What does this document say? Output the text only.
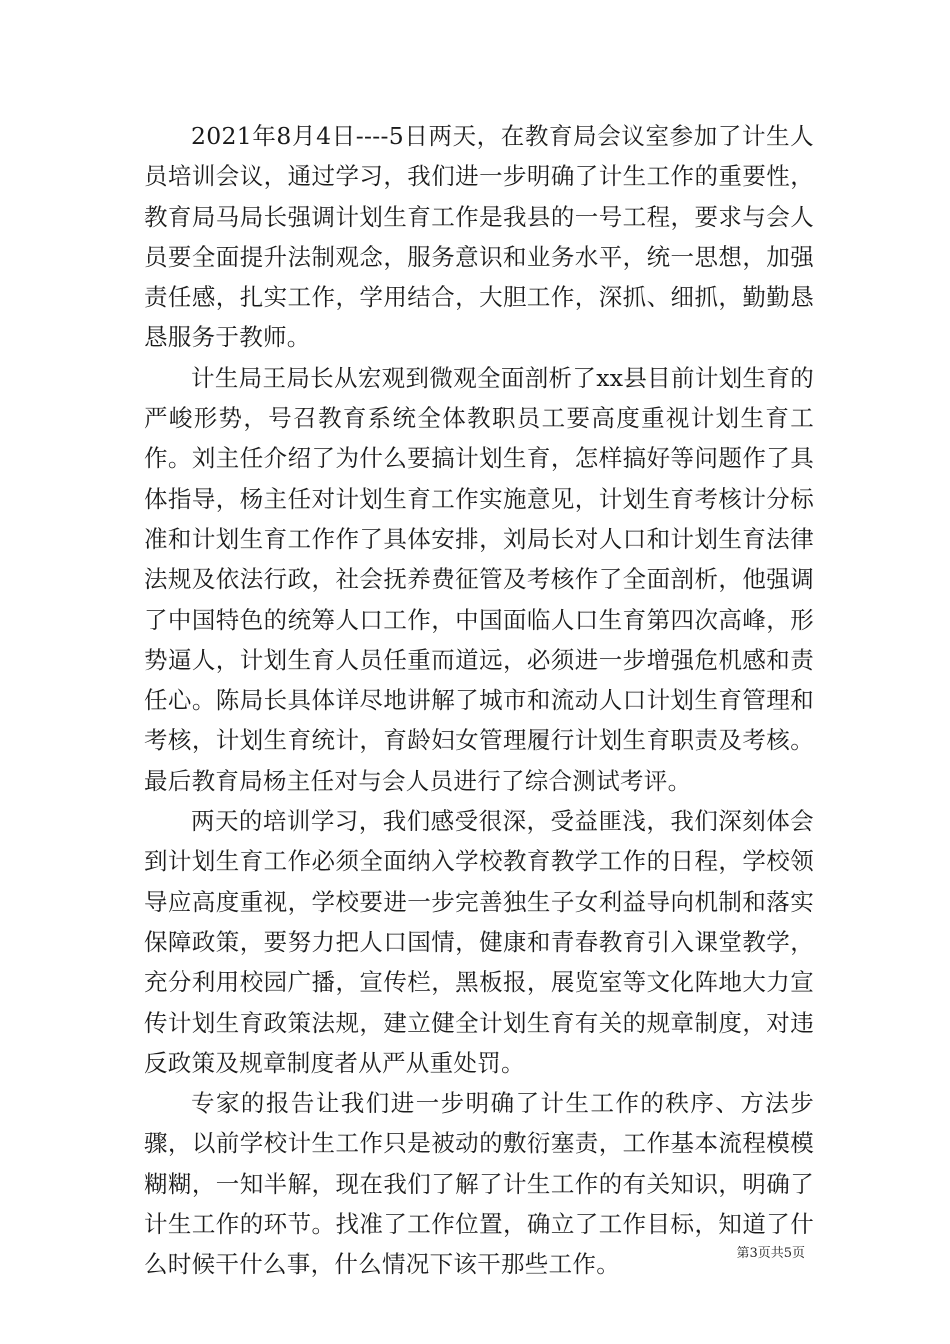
2021年8月4日----5日两天，在教育局会议室参加了计生人员培训会议，通过学习，我们进一步明确了计生工作的重要性，教育局马局长强调计划生育工作是我县的一号工程，要求与会人员要全面提升法制观念，服务意识和业务水平，统一思想，加强责任感，扎实工作，学用结合，大胆工作，深抓、细抓，勤勤恳恳服务于教师。

计生局王局长从宏观到微观全面剖析了xx县目前计划生育的严峻形势，号召教育系统全体教职员工要高度重视计划生育工作。刘主任介绍了为什么要搞计划生育，怎样搞好等问题作了具体指导，杨主任对计划生育工作实施意见，计划生育考核计分标准和计划生育工作作了具体安排，刘局长对人口和计划生育法律法规及依法行政，社会抚养费征管及考核作了全面剖析，他强调了中国特色的统筹人口工作，中国面临人口生育第四次高峰，形势逼人，计划生育人员任重而道远，必须进一步增强危机感和责任心。陈局长具体详尽地讲解了城市和流动人口计划生育管理和考核，计划生育统计，育龄妇女管理履行计划生育职责及考核。最后教育局杨主任对与会人员进行了综合测试考评。

两天的培训学习，我们感受很深，受益匪浅，我们深刻体会到计划生育工作必须全面纳入学校教育教学工作的日程，学校领导应高度重视，学校要进一步完善独生子女利益导向机制和落实保障政策，要努力把人口国情，健康和青春教育引入课堂教学，充分利用校园广播，宣传栏，黑板报，展览室等文化阵地大力宣传计划生育政策法规，建立健全计划生育有关的规章制度，对违反政策及规章制度者从严从重处罚。

专家的报告让我们进一步明确了计生工作的秩序、方法步骤，以前学校计生工作只是被动的敷衍塞责，工作基本流程模模糊糊，一知半解，现在我们了解了计生工作的有关知识，明确了计生工作的环节。找准了工作位置，确立了工作目标，知道了什么时候干什么事，什么情况下该干那些工作。	第3页共5页
